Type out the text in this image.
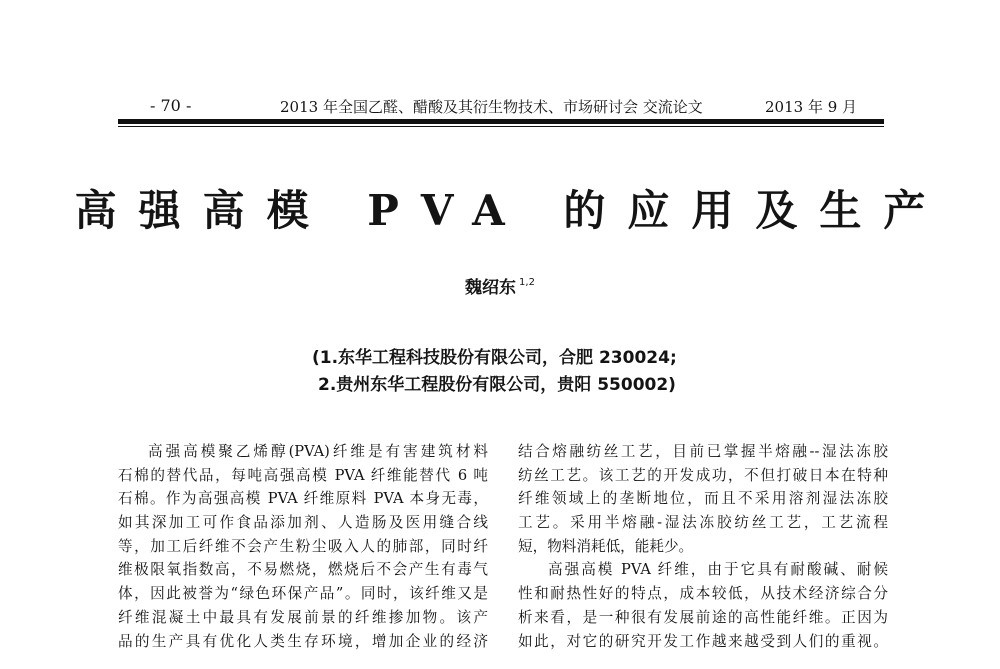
- 70 -	2013 年全国乙醛、醋酸及其衍生物技术、市场研讨会 交流论文	2013 年 9 月
高强高模 PVA 的应用及生产
魏绍东 $^{1,2}$
(1.东华工程科技股份有限公司，合肥 230024;
2.贵州东华工程股份有限公司，贵阳 550002)
高强高模聚乙烯醇(PVA)纤维是有害建筑材料
石棉的替代品，每吨高强高模 PVA 纤维能替代 6 吨
石棉。作为高强高模 PVA 纤维原料 PVA 本身无毒，
如其深加工可作食品添加剂、人造肠及医用缝合线
等，加工后纤维不会产生粉尘吸入人的肺部，同时纤
维极限氧指数高，不易燃烧，燃烧后不会产生有毒气
体，因此被誉为“绿色环保产品”。同时，该纤维又是
纤维混凝土中最具有发展前景的纤维掺加物。该产
品的生产具有优化人类生存环境，增加企业的经济
结合熔融纺丝工艺，目前已掌握半熔融--湿法冻胶
纺丝工艺。该工艺的开发成功，不但打破日本在特种
纤维领域上的垄断地位，而且不采用溶剂湿法冻胶
工艺。采用半熔融-湿法冻胶纺丝工艺，工艺流程
短，物料消耗低，能耗少。
高强高模 PVA 纤维，由于它具有耐酸碱、耐候
性和耐热性好的特点，成本较低，从技术经济综合分
析来看，是一种很有发展前途的高性能纤维。正因为
如此，对它的研究开发工作越来越受到人们的重视。
